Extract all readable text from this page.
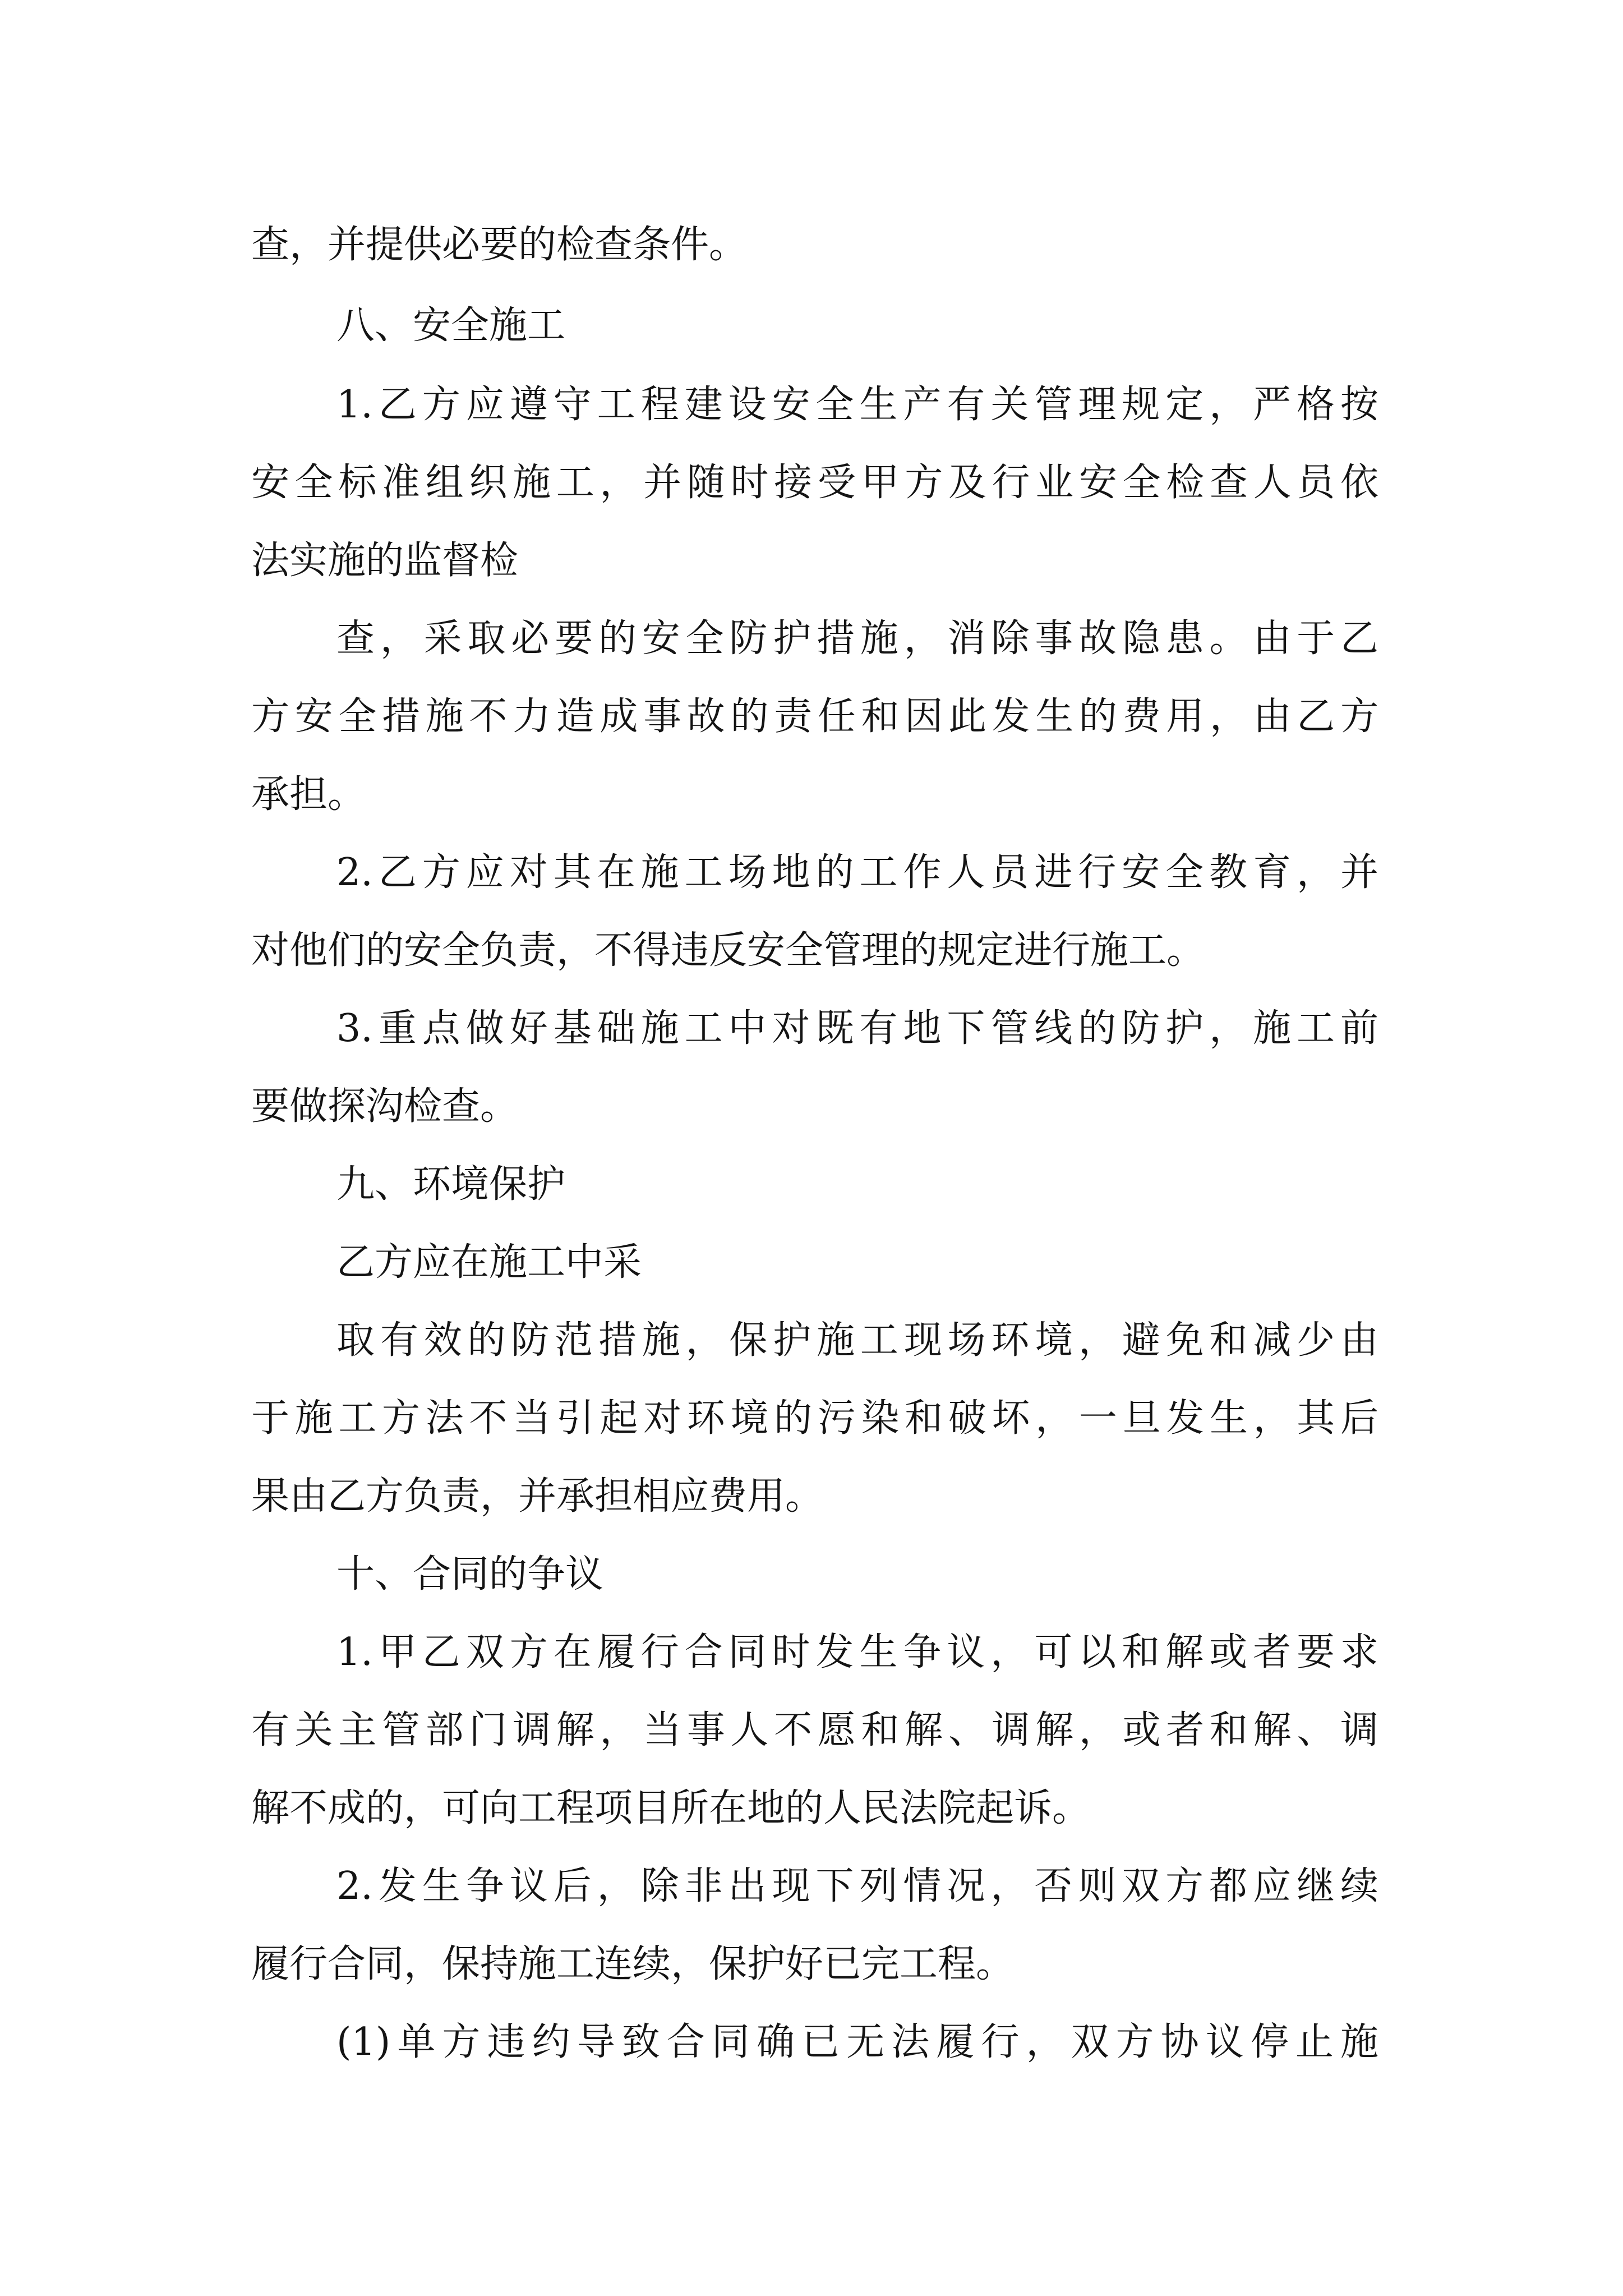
查，并提供必要的检查条件。
八、安全施工
1.乙方应遵守工程建设安全生产有关管理规定，严格按
安全标准组织施工，并随时接受甲方及行业安全检查人员依
法实施的监督检
查，采取必要的安全防护措施，消除事故隐患。由于乙
方安全措施不力造成事故的责任和因此发生的费用，由乙方
承担。
2.乙方应对其在施工场地的工作人员进行安全教育，并
对他们的安全负责，不得违反安全管理的规定进行施工。
3.重点做好基础施工中对既有地下管线的防护，施工前
要做探沟检查。
九、环境保护
乙方应在施工中采
取有效的防范措施，保护施工现场环境，避免和减少由
于施工方法不当引起对环境的污染和破坏，一旦发生，其后
果由乙方负责，并承担相应费用。
十、合同的争议
1.甲乙双方在履行合同时发生争议，可以和解或者要求
有关主管部门调解，当事人不愿和解、调解，或者和解、调
解不成的，可向工程项目所在地的人民法院起诉。
2.发生争议后，除非出现下列情况，否则双方都应继续
履行合同，保持施工连续，保护好已完工程。
(1)单方违约导致合同确已无法履行，双方协议停止施
